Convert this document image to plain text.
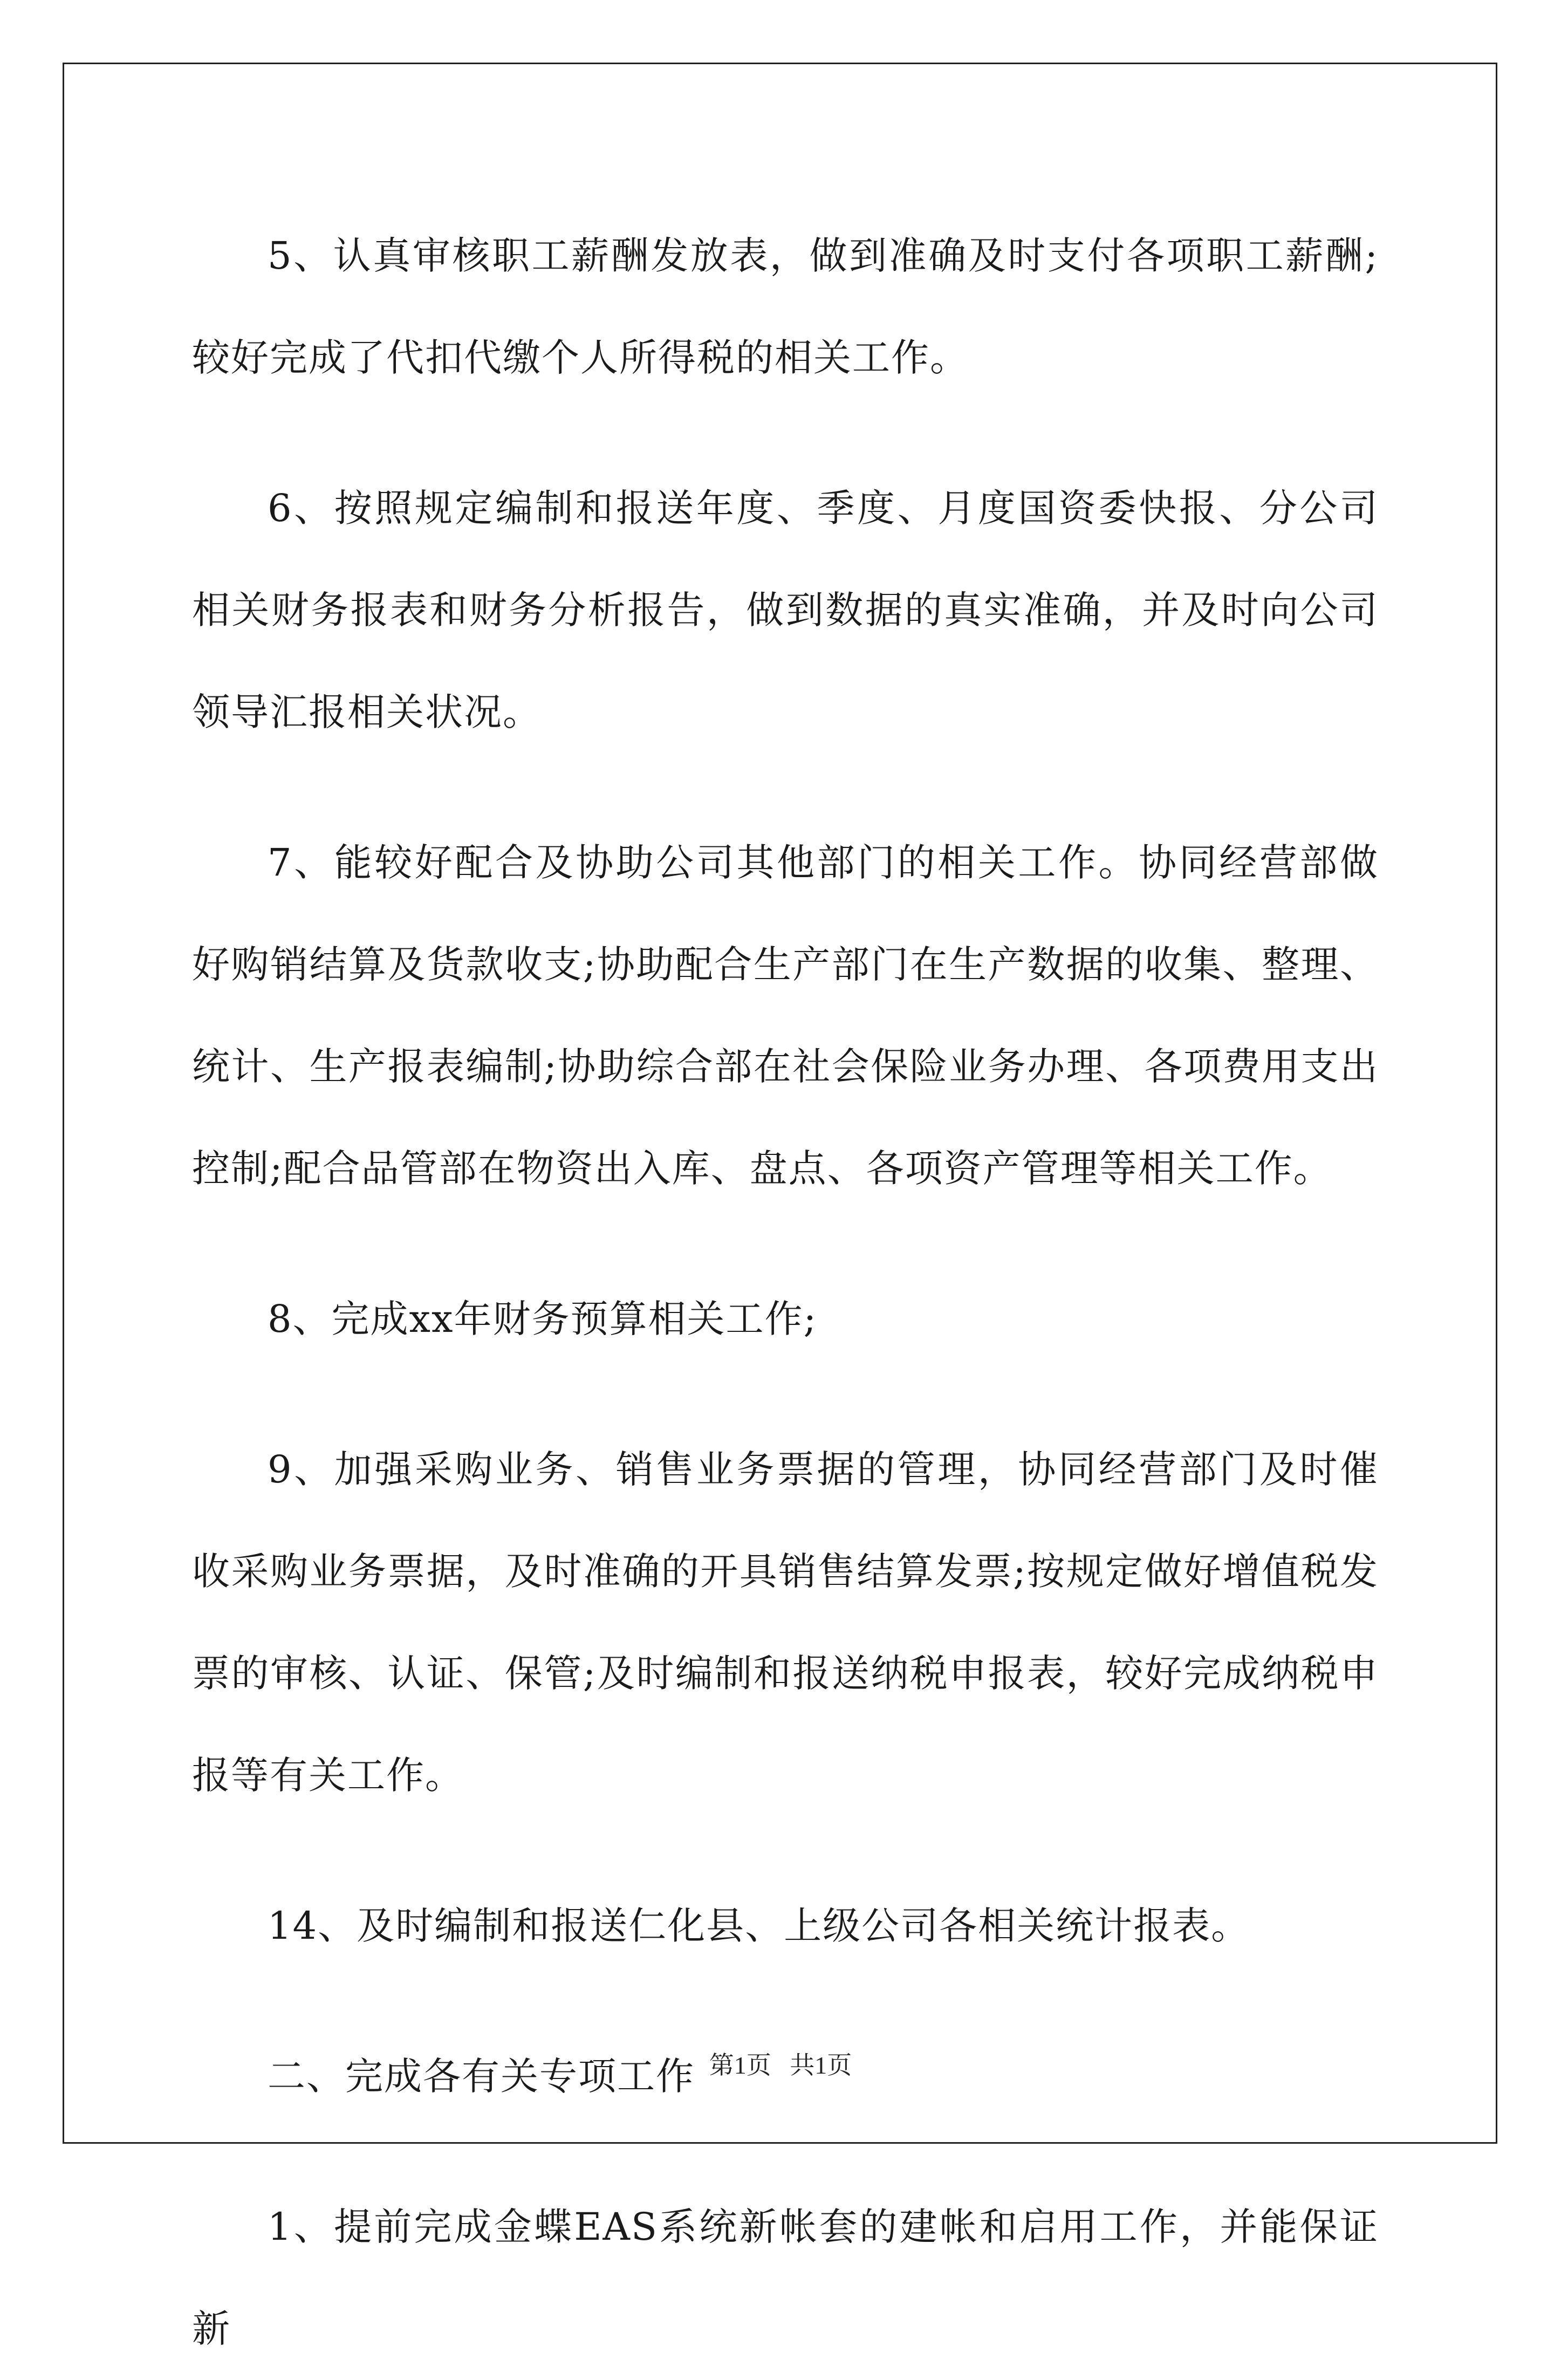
5、认真审核职工薪酬发放表，做到准确及时支付各项职工薪酬;较好完成了代扣代缴个人所得税的相关工作。

6、按照规定编制和报送年度、季度、月度国资委快报、分公司相关财务报表和财务分析报告，做到数据的真实准确，并及时向公司领导汇报相关状况。

7、能较好配合及协助公司其他部门的相关工作。协同经营部做好购销结算及货款收支;协助配合生产部门在生产数据的收集、整理、统计、生产报表编制;协助综合部在社会保险业务办理、各项费用支出控制;配合品管部在物资出入库、盘点、各项资产管理等相关工作。

8、完成xx年财务预算相关工作;

9、加强采购业务、销售业务票据的管理，协同经营部门及时催收采购业务票据，及时准确的开具销售结算发票;按规定做好增值税发票的审核、认证、保管;及时编制和报送纳税申报表，较好完成纳税申报等有关工作。

14、及时编制和报送仁化县、上级公司各相关统计报表。

二、完成各有关专项工作

1、提前完成金蝶EAS系统新帐套的建帐和启用工作，并能保证新

第1页 共1页
